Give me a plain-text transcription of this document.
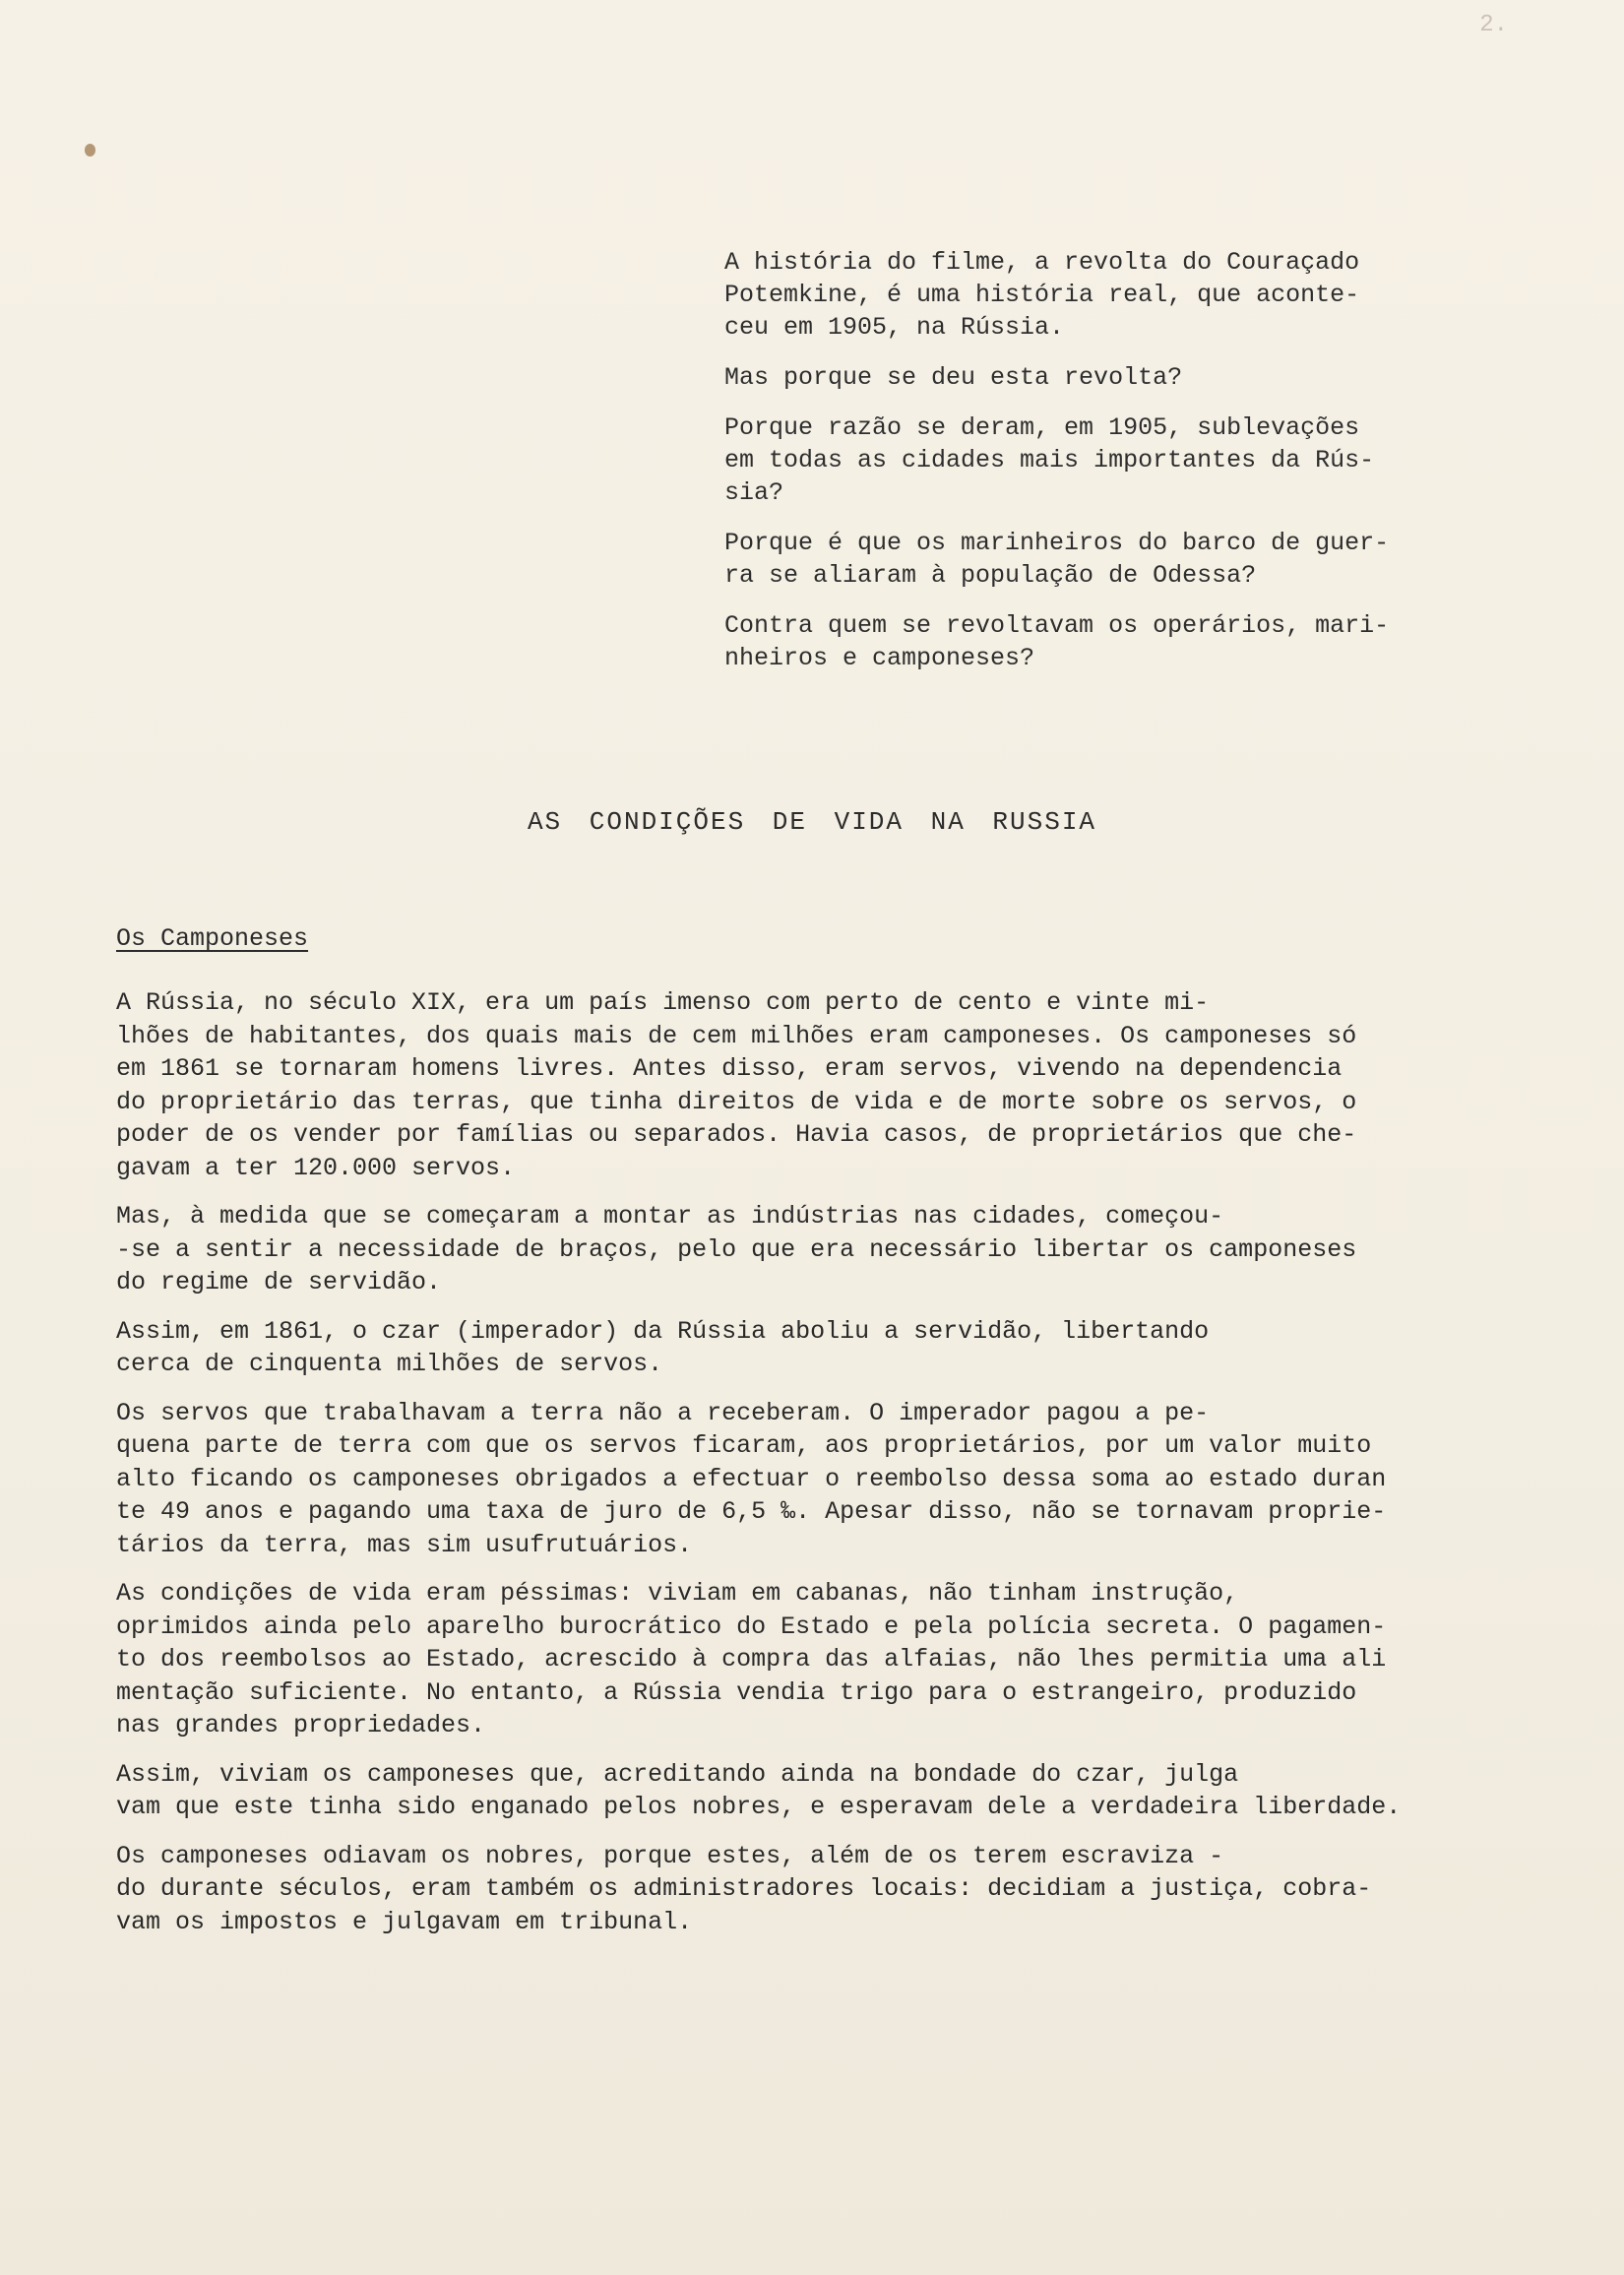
2.

A história do filme, a revolta do Couraçado
Potemkine, é uma história real, que aconte-
ceu em 1905, na Rússia.

Mas porque se deu esta revolta?

Porque razão se deram, em 1905, sublevações
em todas as cidades mais importantes da Rús-
sia?

Porque é que os marinheiros do barco de guer-
ra se aliaram à população de Odessa?

Contra quem se revoltavam os operários, mari-
nheiros e camponeses?

AS CONDIÇÕES DE VIDA NA RUSSIA
Os Camponeses

A Rússia, no século XIX, era um país imenso com perto de cento e vinte mi-
lhões de habitantes, dos quais mais de cem milhões eram camponeses. Os camponeses só
em 1861 se tornaram homens livres. Antes disso, eram servos, vivendo na dependencia
do proprietário das terras, que tinha direitos de vida e de morte sobre os servos, o
poder de os vender por famílias ou separados. Havia casos, de proprietários que che-
gavam a ter 120.000 servos.

Mas, à medida que se começaram a montar as indústrias nas cidades, começou-
-se a sentir a necessidade de braços, pelo que era necessário libertar os camponeses
do regime de servidão.

Assim, em 1861, o czar (imperador) da Rússia aboliu a servidão, libertando
cerca de cinquenta milhões de servos.

Os servos que trabalhavam a terra não a receberam. O imperador pagou a pe-
quena parte de terra com que os servos ficaram, aos proprietários, por um valor muito
alto ficando os camponeses obrigados a efectuar o reembolso dessa soma ao estado duran
te 49 anos e pagando uma taxa de juro de 6,5 ‰. Apesar disso, não se tornavam proprie-
tários da terra, mas sim usufrutuários.

As condições de vida eram péssimas: viviam em cabanas, não tinham instrução,
oprimidos ainda pelo aparelho burocrático do Estado e pela polícia secreta. O pagamen-
to dos reembolsos ao Estado, acrescido à compra das alfaias, não lhes permitia uma ali
mentação suficiente. No entanto, a Rússia vendia trigo para o estrangeiro, produzido
nas grandes propriedades.

Assim, viviam os camponeses que, acreditando ainda na bondade do czar, julga
vam que este tinha sido enganado pelos nobres, e esperavam dele a verdadeira liberdade.

Os camponeses odiavam os nobres, porque estes, além de os terem escraviza -
do durante séculos, eram também os administradores locais: decidiam a justiça, cobra-
vam os impostos e julgavam em tribunal.
